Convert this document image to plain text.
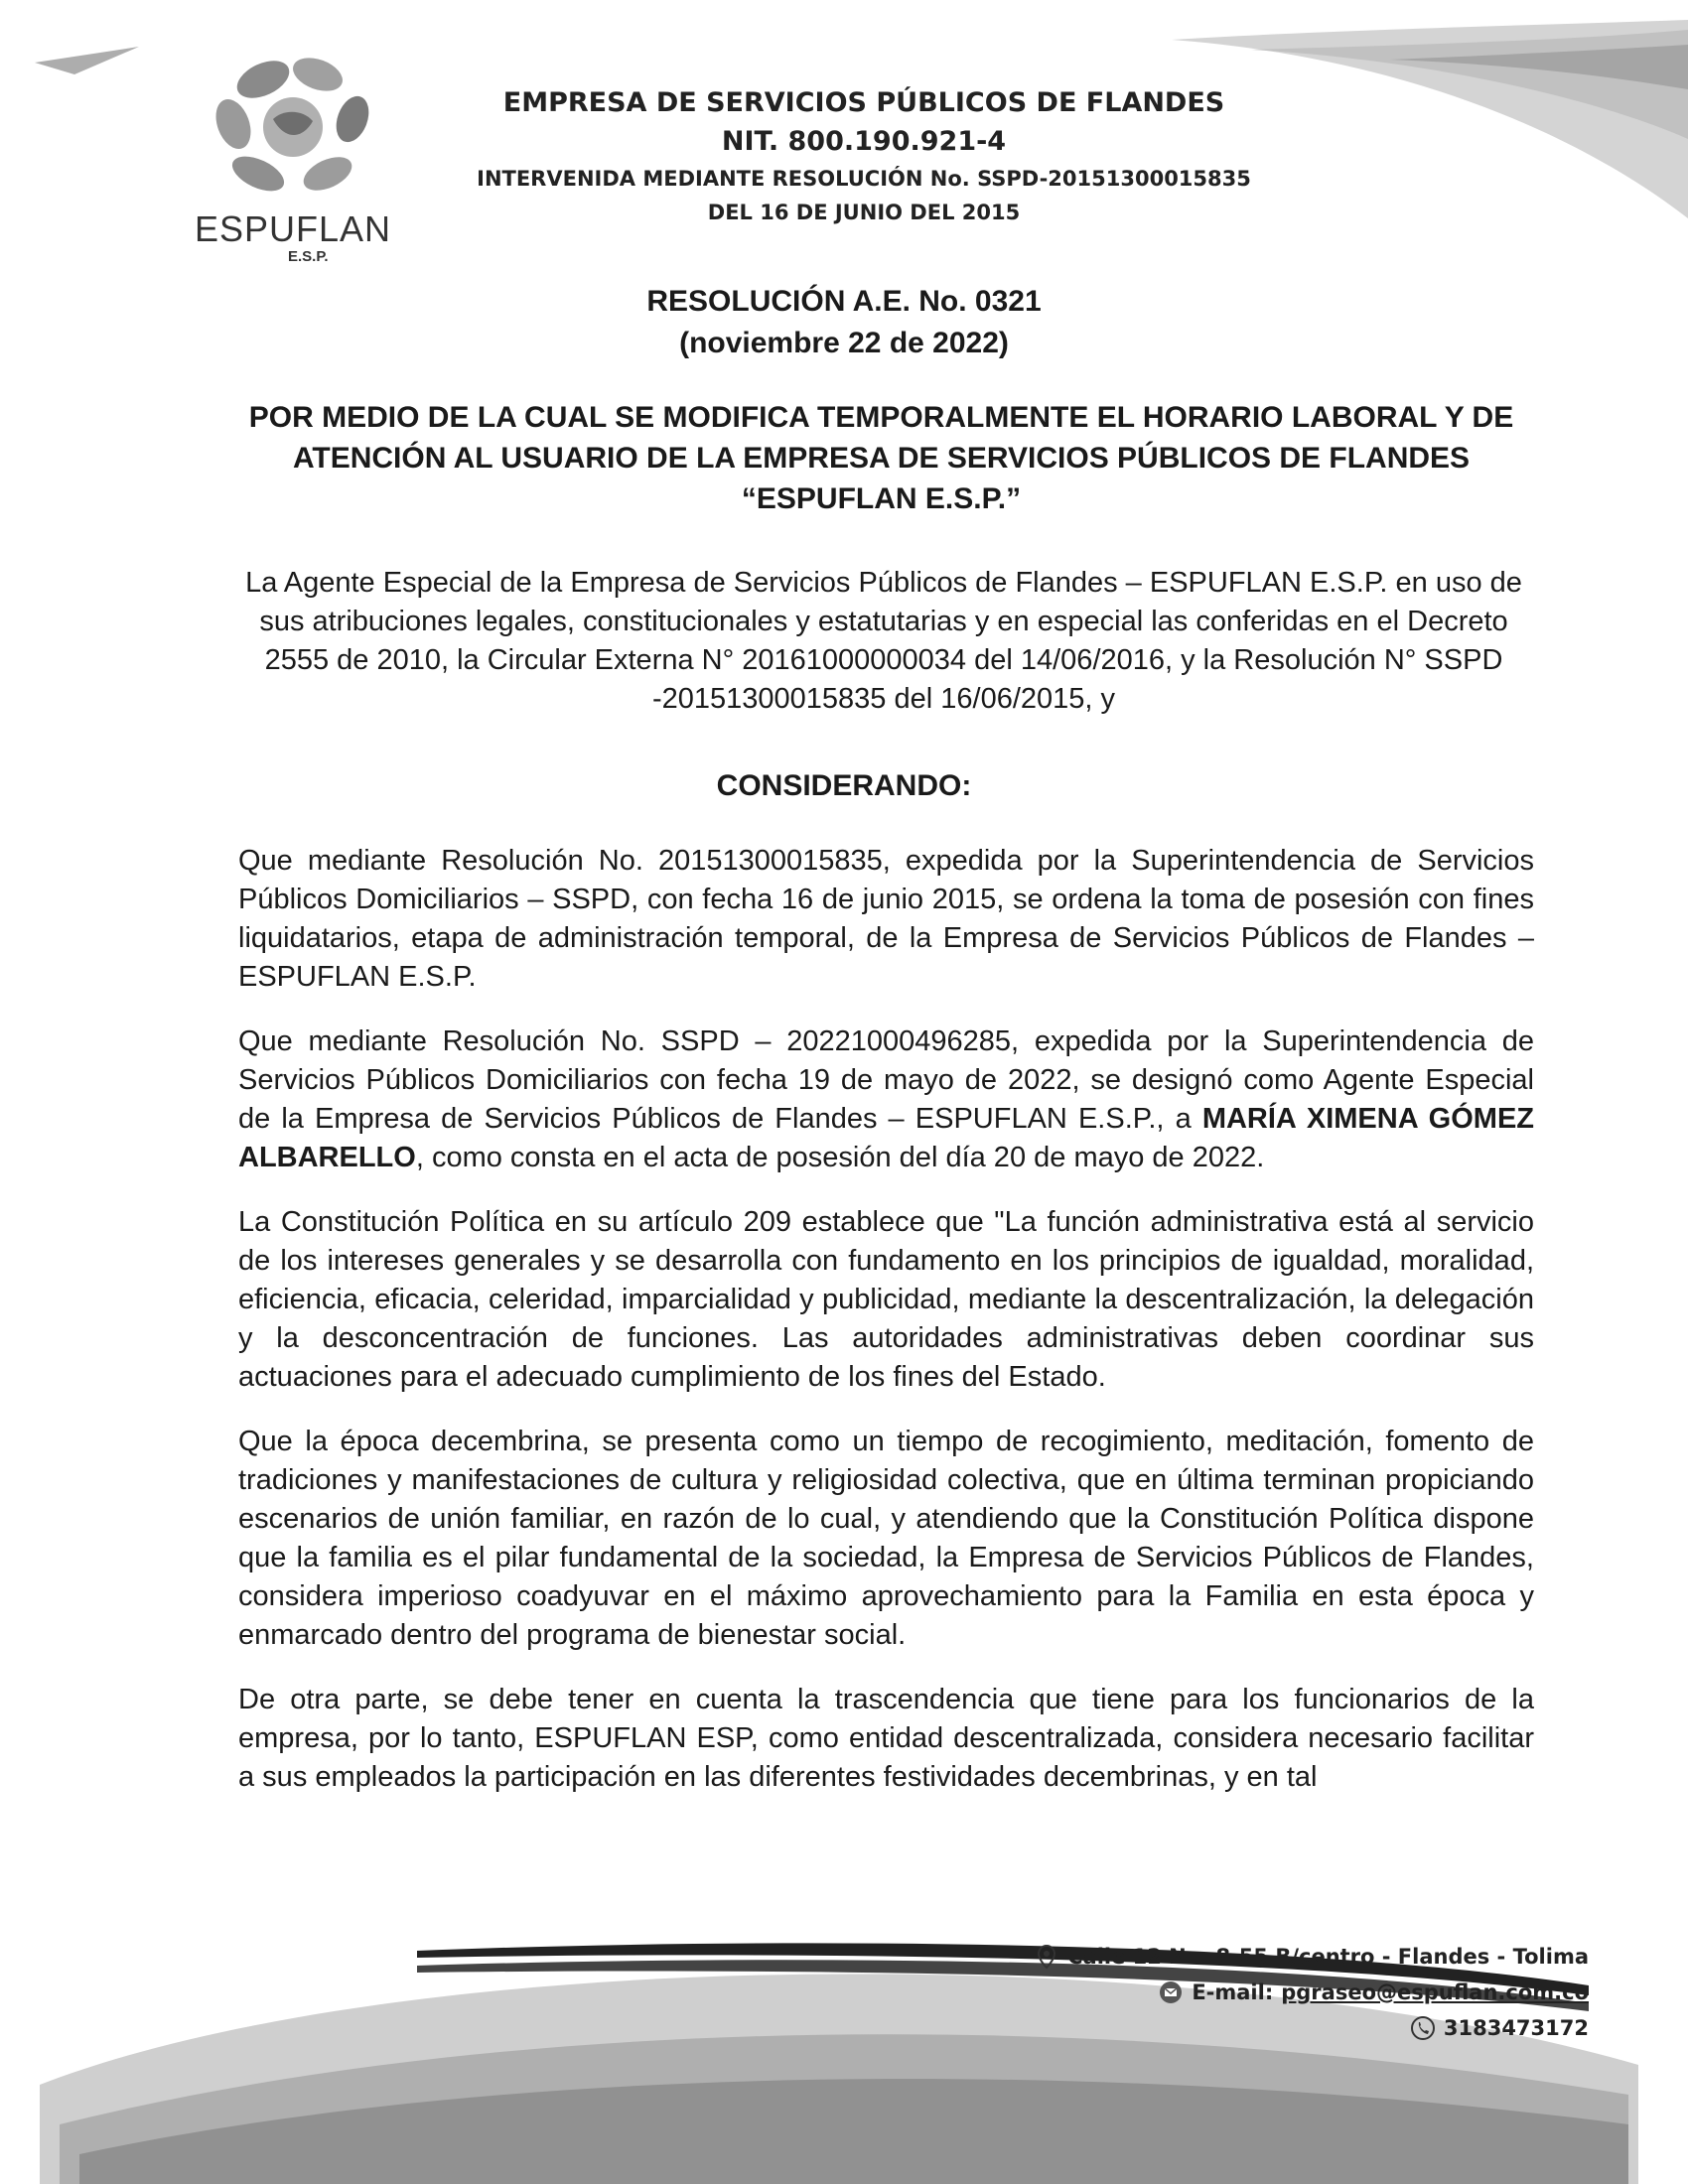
ESPUFLAN
E.S.P.
EMPRESA DE SERVICIOS PÚBLICOS DE FLANDES
NIT. 800.190.921-4
INTERVENIDA MEDIANTE RESOLUCIÓN No. SSPD-20151300015835
DEL 16 DE JUNIO DEL 2015
RESOLUCIÓN A.E. No. 0321
(noviembre 22 de 2022)
POR MEDIO DE LA CUAL SE MODIFICA TEMPORALMENTE EL HORARIO LABORAL Y DE ATENCIÓN AL USUARIO DE LA EMPRESA DE SERVICIOS PÚBLICOS DE FLANDES “ESPUFLAN E.S.P.”
La Agente Especial de la Empresa de Servicios Públicos de Flandes – ESPUFLAN E.S.P. en uso de sus atribuciones legales, constitucionales y estatutarias y en especial las conferidas en el Decreto 2555 de 2010, la Circular Externa N° 20161000000034 del 14/06/2016, y la Resolución N° SSPD -20151300015835 del 16/06/2015, y
CONSIDERANDO:

Que mediante Resolución No. 20151300015835, expedida por la Superintendencia de Servicios Públicos Domiciliarios – SSPD, con fecha 16 de junio 2015, se ordena la toma de posesión con fines liquidatarios, etapa de administración temporal, de la Empresa de Servicios Públicos de Flandes – ESPUFLAN E.S.P.

Que mediante Resolución No. SSPD – 20221000496285, expedida por la Superintendencia de Servicios Públicos Domiciliarios con fecha 19 de mayo de 2022, se designó como Agente Especial de la Empresa de Servicios Públicos de Flandes – ESPUFLAN E.S.P., a MARÍA XIMENA GÓMEZ ALBARELLO, como consta en el acta de posesión del día 20 de mayo de 2022.

La Constitución Política en su artículo 209 establece que "La función administrativa está al servicio de los intereses generales y se desarrolla con fundamento en los principios de igualdad, moralidad, eficiencia, eficacia, celeridad, imparcialidad y publicidad, mediante la descentralización, la delegación y la desconcentración de funciones. Las autoridades administrativas deben coordinar sus actuaciones para el adecuado cumplimiento de los fines del Estado.

Que la época decembrina, se presenta como un tiempo de recogimiento, meditación, fomento de tradiciones y manifestaciones de cultura y religiosidad colectiva, que en última terminan propiciando escenarios de unión familiar, en razón de lo cual, y atendiendo que la Constitución Política dispone que la familia es el pilar fundamental de la sociedad, la Empresa de Servicios Públicos de Flandes, considera imperioso coadyuvar en el máximo aprovechamiento para la Familia en esta época y enmarcado dentro del programa de bienestar social.

De otra parte, se debe tener en cuenta la trascendencia que tiene para los funcionarios de la empresa, por lo tanto, ESPUFLAN ESP, como entidad descentralizada, considera necesario facilitar a sus empleados la participación en las diferentes festividades decembrinas, y en tal

Calle 12 No. 8-55 B/centro - Flandes - Tolima
E-mail: pgraseo@espuflan.com.co
3183473172
